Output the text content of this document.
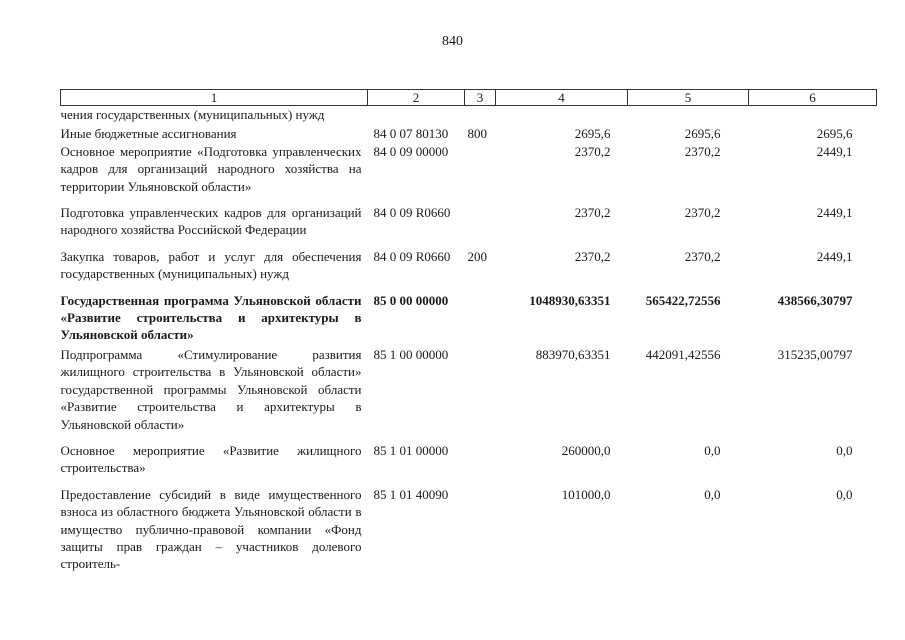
840
1	2	3	4	5	6
чения государственных (муниципальных) нужд					
Иные бюджетные ассигнования	84 0 07 80130	800	2695,6	2695,6	2695,6
Основное мероприятие «Подготовка управленческих кадров для организаций народного хозяйства на территории Ульяновской области»	84 0 09 00000		2370,2	2370,2	2449,1
Подготовка управленческих кадров для организаций народного хозяйства Российской Федерации	84 0 09 R0660		2370,2	2370,2	2449,1
Закупка товаров, работ и услуг для обеспечения государственных (муниципальных) нужд	84 0 09 R0660	200	2370,2	2370,2	2449,1
Государственная программа Ульяновской области «Развитие строительства и архитектуры в Ульяновской области»	85 0 00 00000		1048930,63351	565422,72556	438566,30797
Подпрограмма «Стимулирование развития жилищного строительства в Ульяновской области» государственной программы Ульяновской области «Развитие строительства и архитектуры в Ульяновской области»	85 1 00 00000		883970,63351	442091,42556	315235,00797
Основное мероприятие «Развитие жилищного строительства»	85 1 01 00000		260000,0	0,0	0,0
Предоставление субсидий в виде имущественного взноса из областного бюджета Ульяновской области в имущество публично-правовой компании «Фонд защиты прав граждан – участников долевого строитель-	85 1 01 40090		101000,0	0,0	0,0
